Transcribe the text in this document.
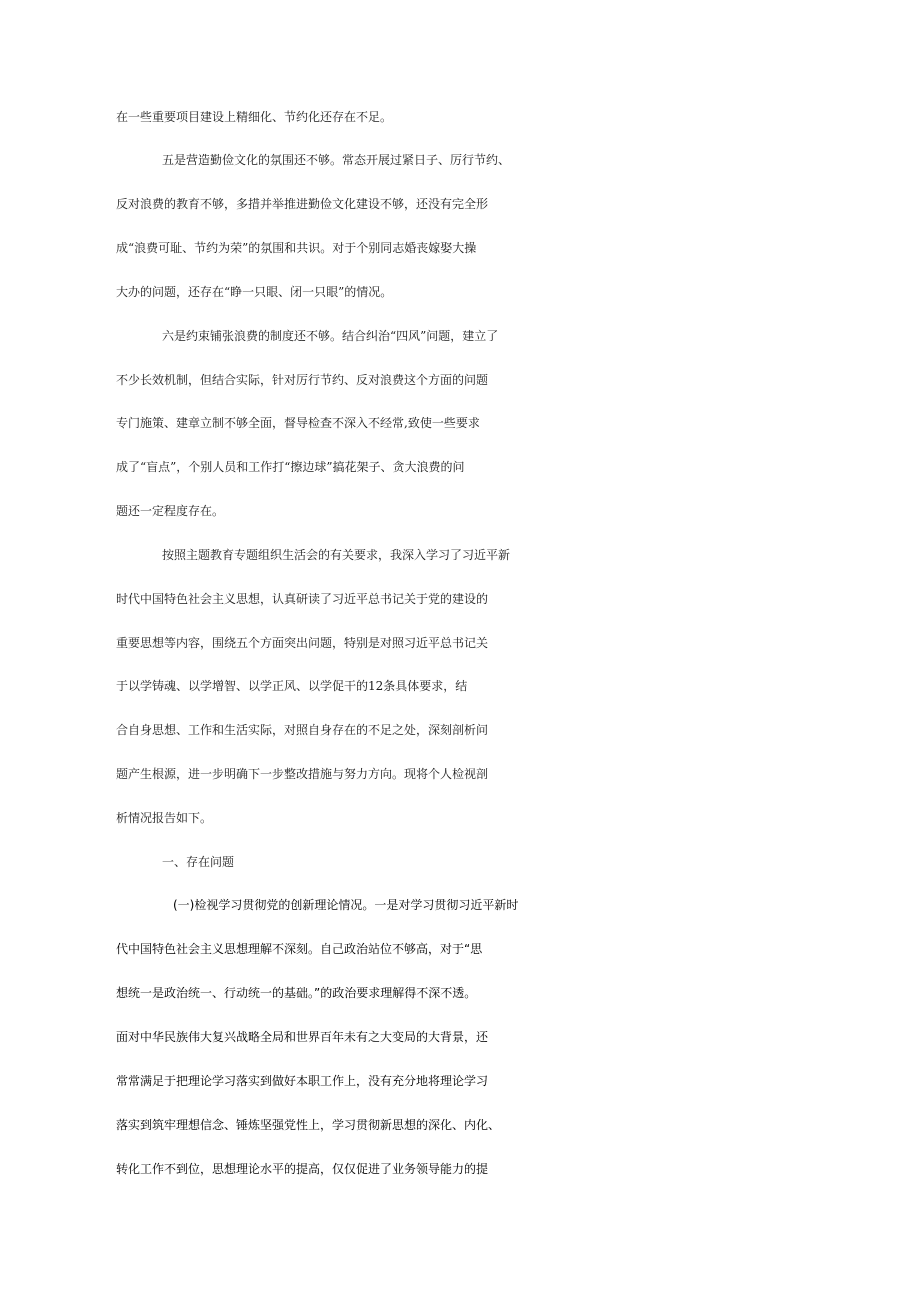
在一些重要项目建设上精细化、节约化还存在不足。

五是营造勤俭文化的氛围还不够。常态开展过紧日子、厉行节约、

反对浪费的教育不够，多措并举推进勤俭文化建设不够，还没有完全形

成“浪费可耻、节约为荣”的氛围和共识。对于个别同志婚丧嫁娶大操

大办的问题，还存在“睁一只眼、闭一只眼”的情况。

六是约束铺张浪费的制度还不够。结合纠治“四风”问题，建立了

不少长效机制，但结合实际，针对厉行节约、反对浪费这个方面的问题

专门施策、建章立制不够全面，督导检查不深入不经常,致使一些要求

成了“盲点”，个别人员和工作打“擦边球”搞花架子、贪大浪费的问

题还一定程度存在。

按照主题教育专题组织生活会的有关要求，我深入学习了习近平新

时代中国特色社会主义思想，认真研读了习近平总书记关于党的建设的

重要思想等内容，围绕五个方面突出问题，特别是对照习近平总书记关

于以学铸魂、以学增智、以学正风、以学促干的12条具体要求，结

合自身思想、工作和生活实际，对照自身存在的不足之处，深刻剖析问

题产生根源，进一步明确下一步整改措施与努力方向。现将个人检视剖

析情况报告如下。

一、存在问题

(一)检视学习贯彻党的创新理论情况。一是对学习贯彻习近平新时

代中国特色社会主义思想理解不深刻。自己政治站位不够高，对于“思

想统一是政治统一、行动统一的基础。”的政治要求理解得不深不透。

面对中华民族伟大复兴战略全局和世界百年未有之大变局的大背景，还

常常满足于把理论学习落实到做好本职工作上，没有充分地将理论学习

落实到筑牢理想信念、锤炼坚强党性上，学习贯彻新思想的深化、内化、

转化工作不到位，思想理论水平的提高，仅仅促进了业务领导能力的提
